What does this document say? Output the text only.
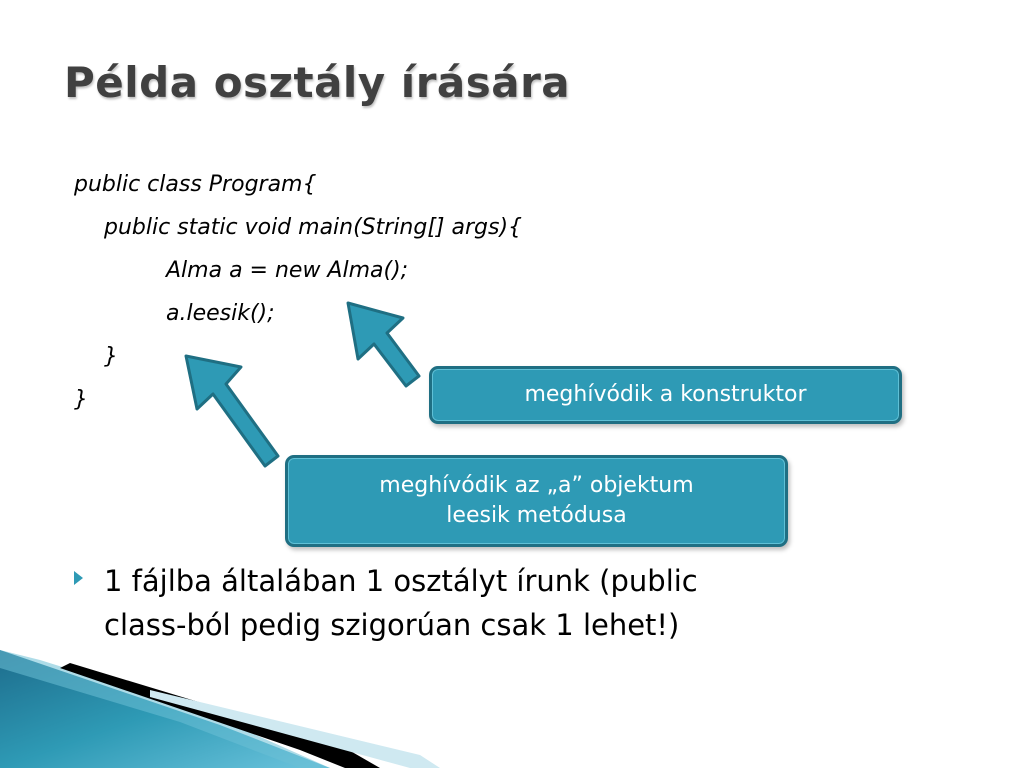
Példa osztály írására
public class Program{
public static void main(String[] args){
Alma a = new Alma();
a.leesik();
}
}	meghívódik a konstruktor
meghívódik az „a” objektum
leesik metódusa
1 fájlba általában 1 osztályt írunk (public
class-ból pedig szigorúan csak 1 lehet!)
